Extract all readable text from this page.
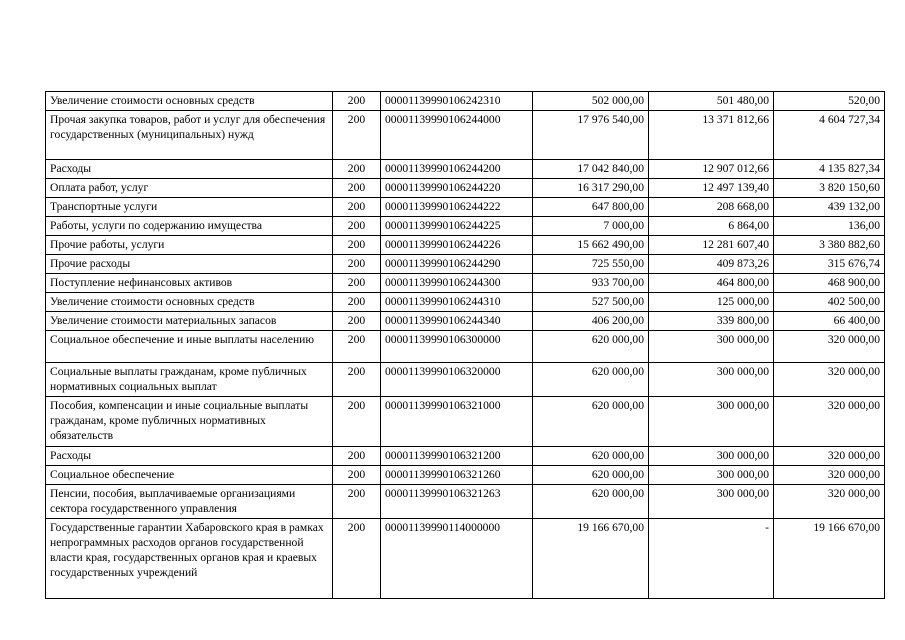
Увеличение стоимости основных средств	200	00001139990106242310	502 000,00	501 480,00	520,00
Прочая закупка товаров, работ и услуг для обеспечения государственных (муниципальных) нужд	200	00001139990106244000	17 976 540,00	13 371 812,66	4 604 727,34
Расходы	200	00001139990106244200	17 042 840,00	12 907 012,66	4 135 827,34
Оплата работ, услуг	200	00001139990106244220	16 317 290,00	12 497 139,40	3 820 150,60
Транспортные услуги	200	00001139990106244222	647 800,00	208 668,00	439 132,00
Работы, услуги по содержанию имущества	200	00001139990106244225	7 000,00	6 864,00	136,00
Прочие работы, услуги	200	00001139990106244226	15 662 490,00	12 281 607,40	3 380 882,60
Прочие расходы	200	00001139990106244290	725 550,00	409 873,26	315 676,74
Поступление нефинансовых активов	200	00001139990106244300	933 700,00	464 800,00	468 900,00
Увеличение стоимости основных средств	200	00001139990106244310	527 500,00	125 000,00	402 500,00
Увеличение стоимости материальных запасов	200	00001139990106244340	406 200,00	339 800,00	66 400,00
Социальное обеспечение и иные выплаты населению	200	00001139990106300000	620 000,00	300 000,00	320 000,00
Социальные выплаты гражданам, кроме публичных нормативных социальных выплат	200	00001139990106320000	620 000,00	300 000,00	320 000,00
Пособия, компенсации и иные социальные выплаты гражданам, кроме публичных нормативных обязательств	200	00001139990106321000	620 000,00	300 000,00	320 000,00
Расходы	200	00001139990106321200	620 000,00	300 000,00	320 000,00
Социальное обеспечение	200	00001139990106321260	620 000,00	300 000,00	320 000,00
Пенсии, пособия, выплачиваемые организациями сектора государственного управления	200	00001139990106321263	620 000,00	300 000,00	320 000,00
Государственные гарантии Хабаровского края в рамках непрограммных расходов органов государственной власти края, государственных органов края и краевых государственных учреждений	200	00001139990114000000	19 166 670,00	-	19 166 670,00
